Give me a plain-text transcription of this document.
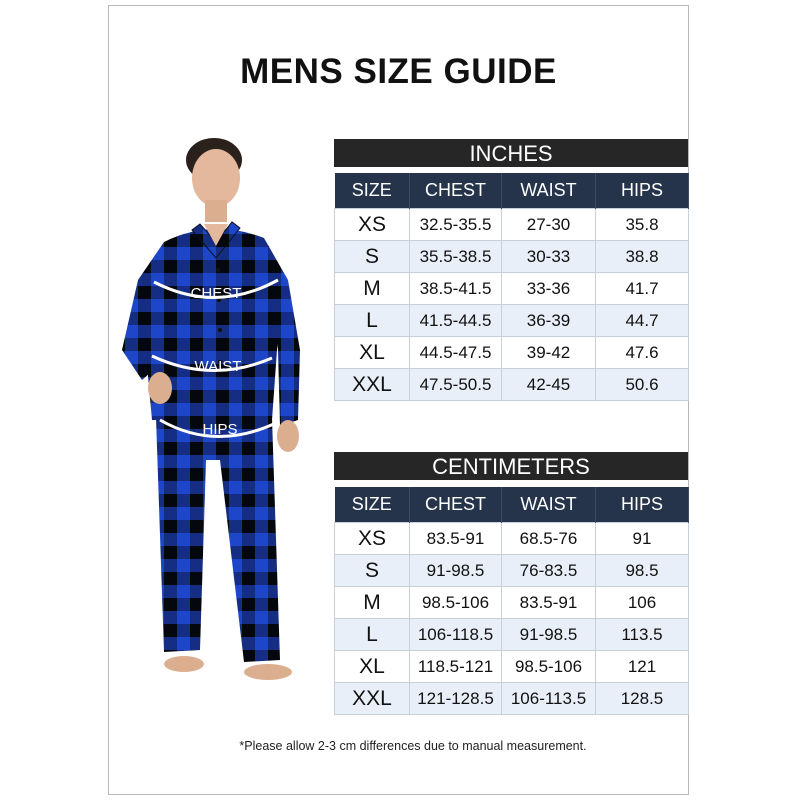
MENS SIZE GUIDE
CHEST
WAIST
HIPS
INCHES
SIZE	CHEST	WAIST	HIPS
XS	32.5-35.5	27-30	35.8
S	35.5-38.5	30-33	38.8
M	38.5-41.5	33-36	41.7
L	41.5-44.5	36-39	44.7
XL	44.5-47.5	39-42	47.6
XXL	47.5-50.5	42-45	50.6
CENTIMETERS
SIZE	CHEST	WAIST	HIPS
XS	83.5-91	68.5-76	91
S	91-98.5	76-83.5	98.5
M	98.5-106	83.5-91	106
L	106-118.5	91-98.5	113.5
XL	118.5-121	98.5-106	121
XXL	121-128.5	106-113.5	128.5
*Please allow 2-3 cm differences due to manual measurement.
